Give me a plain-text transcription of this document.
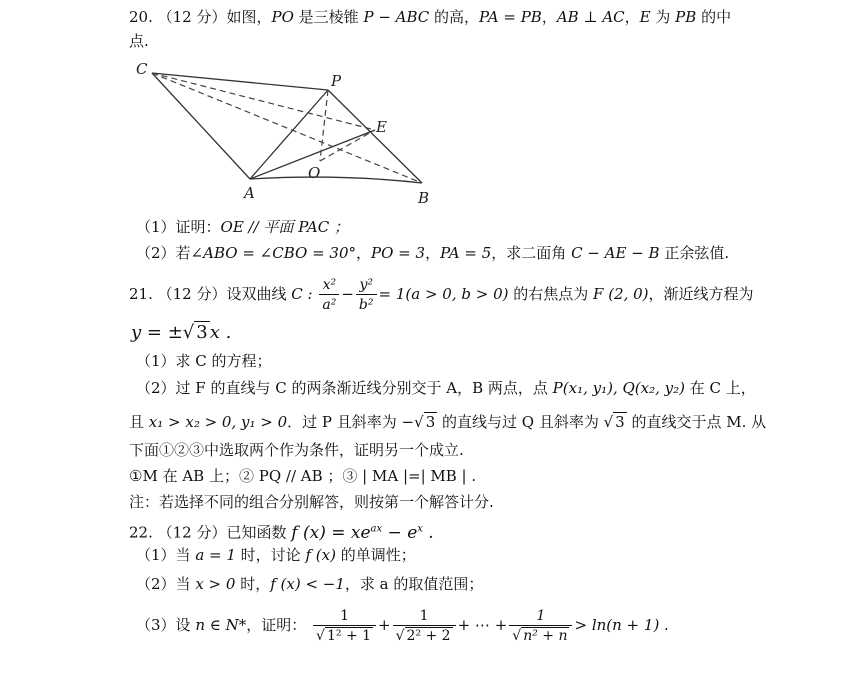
20. （12 分）如图，PO 是三棱锥 P − ABC 的高，PA = PB，AB ⊥ AC，E 为 PB 的中
点.
C
P
E
O
A	B
（1）证明：OE // 平面 PAC ；
（2）若∠ABO = ∠CBO = 30°，PO = 3，PA = 5，求二面角 C − AE − B 正余弦值.
21. （12 分）设双曲线 C : $\frac{\text{x²}}{\text{a²}} - \frac{\text{y²}}{\text{b²}} = 1(a > 0$, b > 0) 的右焦点为 F (2, 0)，渐近线方程为
y = ±√ 3 x .
（1）求 C 的方程；
（2）过 F 的直线与 C 的两条渐近线分别交于 A，B 两点，点 P(x₁, y₁), Q(x₂, y₂) 在 C 上，
且 x₁ > x₂ > 0, y₁ > 0．过 P 且斜率为 −√ 3 的直线与过 Q 且斜率为 √ 3 的直线交于点 M. 从
下面①②③中选取两个作为条件，证明另一个成立.
①M 在 AB 上；② PQ // AB ；③ | MA |=| MB | .
注：若选择不同的组合分别解答，则按第一个解答计分.
22. （12 分）已知函数 f $(x) = xe^{ax} - e^x$ .
（1）当 a = 1 时，讨论 f (x) 的单调性；
（2）当 x > 0 时，f (x) < −1，求 a 的取值范围；
（3）设 n ∈ N*，证明： $\frac{1}{\text{√ 1² + 1}} + \frac{1}{\text{√ 2² + 2}}$ + ⋯ + $\frac{1}{\text{√ n² + n}} > \ln(n + 1)$ .
